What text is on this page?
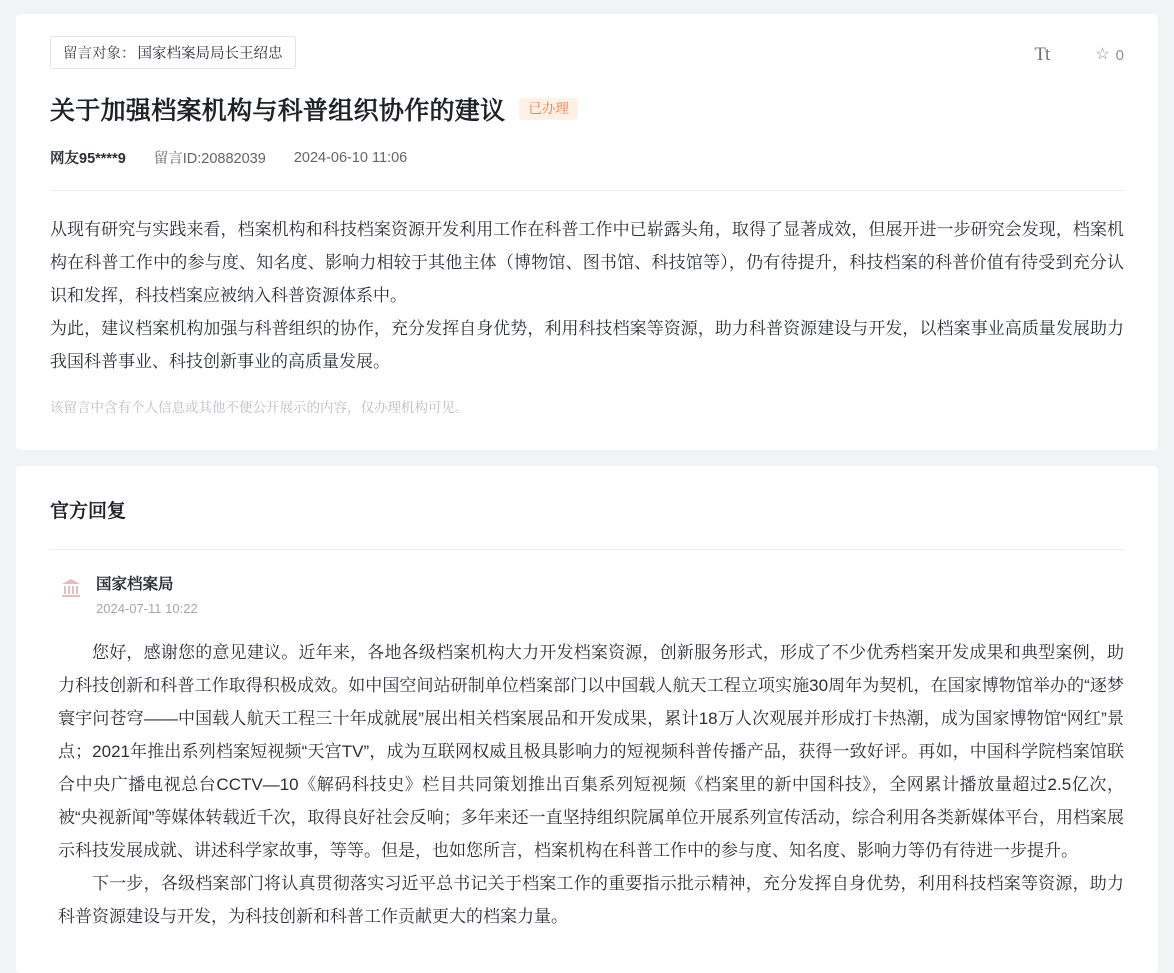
留言对象： 国家档案局局长王绍忠	Tt	☆ 0
关于加强档案机构与科普组织协作的建议	已办理
网友95****9 留言ID:20882039 2024-06-10 11:06

从现有研究与实践来看，档案机构和科技档案资源开发利用工作在科普工作中已崭露头角，取得了显著成效，但展开进一步研究会发现，档案机构在科普工作中的参与度、知名度、影响力相较于其他主体（博物馆、图书馆、科技馆等），仍有待提升，科技档案的科普价值有待受到充分认识和发挥，科技档案应被纳入科普资源体系中。

为此，建议档案机构加强与科普组织的协作，充分发挥自身优势，利用科技档案等资源，助力科普资源建设与开发，以档案事业高质量发展助力我国科普事业、科技创新事业的高质量发展。

该留言中含有个人信息或其他不便公开展示的内容，仅办理机构可见。
官方回复
国家档案局
2024-07-11 10:22

您好，感谢您的意见建议。近年来，各地各级档案机构大力开发档案资源，创新服务形式，形成了不少优秀档案开发成果和典型案例，助力科技创新和科普工作取得积极成效。如中国空间站研制单位档案部门以中国载人航天工程立项实施30周年为契机，在国家博物馆举办的“逐梦寰宇问苍穹——中国载人航天工程三十年成就展”展出相关档案展品和开发成果，累计18万人次观展并形成打卡热潮，成为国家博物馆“网红”景点；2021年推出系列档案短视频“天宫TV”，成为互联网权威且极具影响力的短视频科普传播产品，获得一致好评。再如，中国科学院档案馆联合中央广播电视总台CCTV—10《解码科技史》栏目共同策划推出百集系列短视频《档案里的新中国科技》，全网累计播放量超过2.5亿次，被“央视新闻”等媒体转载近千次，取得良好社会反响；多年来还一直坚持组织院属单位开展系列宣传活动，综合利用各类新媒体平台，用档案展示科技发展成就、讲述科学家故事，等等。但是，也如您所言，档案机构在科普工作中的参与度、知名度、影响力等仍有待进一步提升。

下一步，各级档案部门将认真贯彻落实习近平总书记关于档案工作的重要指示批示精神，充分发挥自身优势，利用科技档案等资源，助力科普资源建设与开发，为科技创新和科普工作贡献更大的档案力量。
